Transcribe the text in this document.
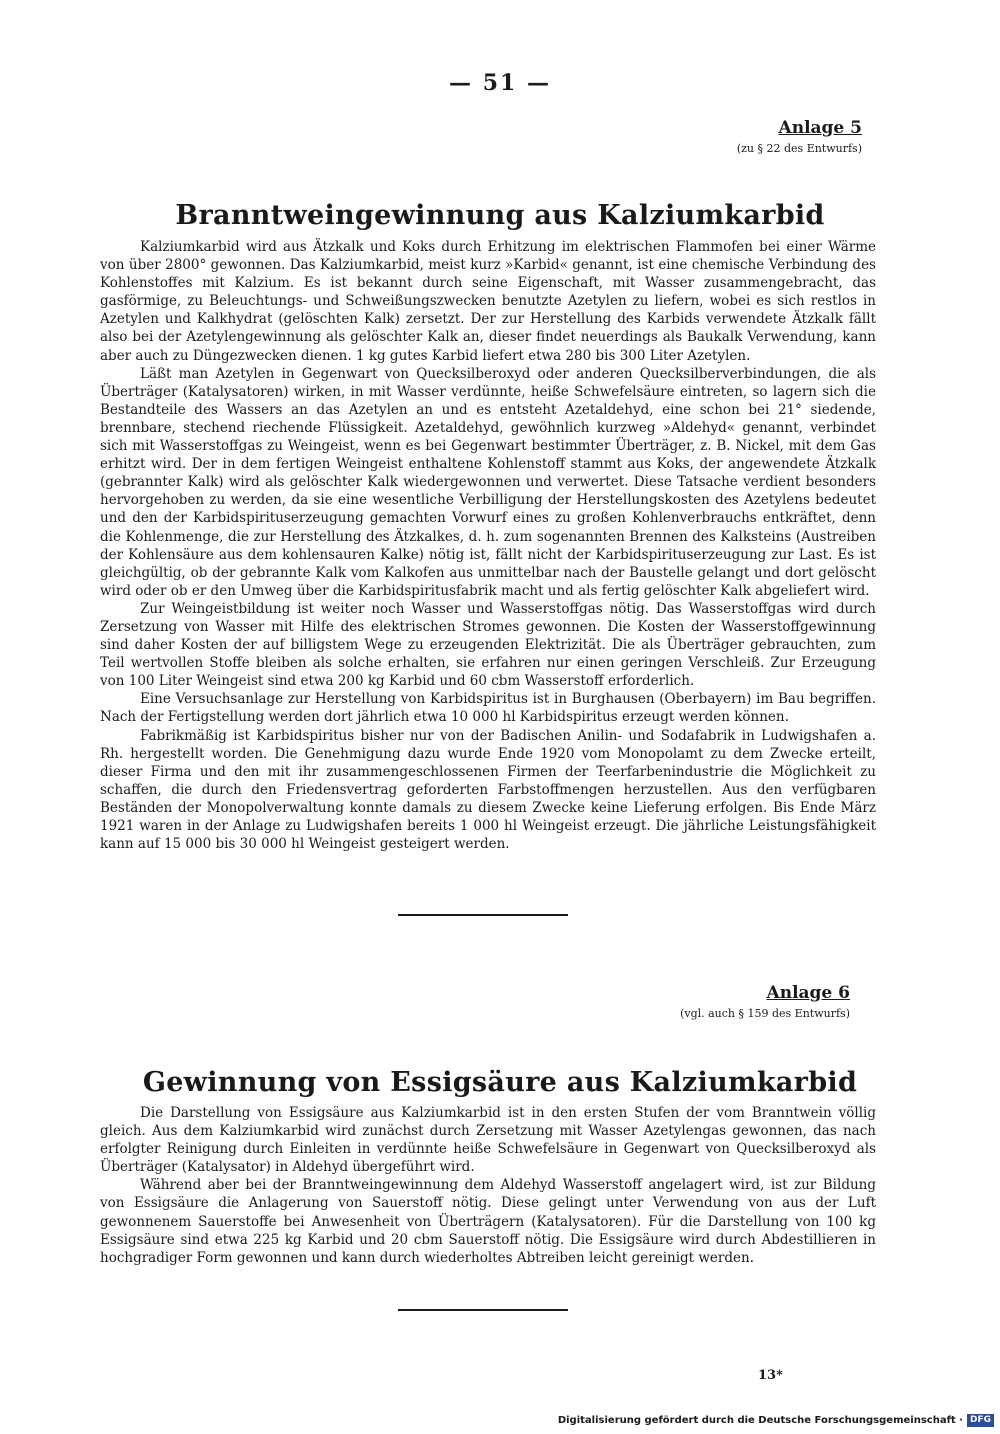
— 51 —
Anlage 5
(zu § 22 des Entwurfs)
Branntweingewinnung aus Kalziumkarbid

Kalziumkarbid wird aus Ätzkalk und Koks durch Erhitzung im elektrischen Flammofen bei einer Wärme von über 2800° gewonnen. Das Kalziumkarbid, meist kurz »Karbid« genannt, ist eine chemische Verbindung des Kohlenstoffes mit Kalzium. Es ist bekannt durch seine Eigenschaft, mit Wasser zusammengebracht, das gasförmige, zu Beleuchtungs- und Schweißungszwecken benutzte Azetylen zu liefern, wobei es sich restlos in Azetylen und Kalkhydrat (gelöschten Kalk) zersetzt. Der zur Herstellung des Karbids verwendete Ätzkalk fällt also bei der Azetylengewinnung als gelöschter Kalk an, dieser findet neuerdings als Baukalk Verwendung, kann aber auch zu Düngezwecken dienen. 1 kg gutes Karbid liefert etwa 280 bis 300 Liter Azetylen.

Läßt man Azetylen in Gegenwart von Quecksilberoxyd oder anderen Quecksilberverbindungen, die als Überträger (Katalysatoren) wirken, in mit Wasser verdünnte, heiße Schwefelsäure eintreten, so lagern sich die Bestandteile des Wassers an das Azetylen an und es entsteht Azetaldehyd, eine schon bei 21° siedende, brennbare, stechend riechende Flüssigkeit. Azetaldehyd, gewöhnlich kurzweg »Aldehyd« genannt, verbindet sich mit Wasserstoffgas zu Weingeist, wenn es bei Gegenwart bestimmter Überträger, z. B. Nickel, mit dem Gas erhitzt wird. Der in dem fertigen Weingeist enthaltene Kohlenstoff stammt aus Koks, der angewendete Ätzkalk (gebrannter Kalk) wird als gelöschter Kalk wiedergewonnen und verwertet. Diese Tatsache verdient besonders hervorgehoben zu werden, da sie eine wesentliche Verbilligung der Herstellungskosten des Azetylens bedeutet und den der Karbidspirituserzeugung gemachten Vorwurf eines zu großen Kohlenverbrauchs entkräftet, denn die Kohlenmenge, die zur Herstellung des Ätzkalkes, d. h. zum sogenannten Brennen des Kalksteins (Austreiben der Kohlensäure aus dem kohlensauren Kalke) nötig ist, fällt nicht der Karbidspirituserzeugung zur Last. Es ist gleichgültig, ob der gebrannte Kalk vom Kalkofen aus unmittelbar nach der Baustelle gelangt und dort gelöscht wird oder ob er den Umweg über die Karbidspiritusfabrik macht und als fertig gelöschter Kalk abgeliefert wird.

Zur Weingeistbildung ist weiter noch Wasser und Wasserstoffgas nötig. Das Wasserstoffgas wird durch Zersetzung von Wasser mit Hilfe des elektrischen Stromes gewonnen. Die Kosten der Wasserstoffgewinnung sind daher Kosten der auf billigstem Wege zu erzeugenden Elektrizität. Die als Überträger gebrauchten, zum Teil wertvollen Stoffe bleiben als solche erhalten, sie erfahren nur einen geringen Verschleiß. Zur Erzeugung von 100 Liter Weingeist sind etwa 200 kg Karbid und 60 cbm Wasserstoff erforderlich.

Eine Versuchsanlage zur Herstellung von Karbidspiritus ist in Burghausen (Oberbayern) im Bau begriffen. Nach der Fertigstellung werden dort jährlich etwa 10 000 hl Karbidspiritus erzeugt werden können.

Fabrikmäßig ist Karbidspiritus bisher nur von der Badischen Anilin- und Sodafabrik in Ludwigshafen a. Rh. hergestellt worden. Die Genehmigung dazu wurde Ende 1920 vom Monopolamt zu dem Zwecke erteilt, dieser Firma und den mit ihr zusammengeschlossenen Firmen der Teerfarbenindustrie die Möglichkeit zu schaffen, die durch den Friedensvertrag geforderten Farbstoffmengen herzustellen. Aus den verfügbaren Beständen der Monopolverwaltung konnte damals zu diesem Zwecke keine Lieferung erfolgen. Bis Ende März 1921 waren in der Anlage zu Ludwigshafen bereits 1 000 hl Weingeist erzeugt. Die jährliche Leistungsfähigkeit kann auf 15 000 bis 30 000 hl Weingeist gesteigert werden.

Anlage 6
(vgl. auch § 159 des Entwurfs)
Gewinnung von Essigsäure aus Kalziumkarbid

Die Darstellung von Essigsäure aus Kalziumkarbid ist in den ersten Stufen der vom Branntwein völlig gleich. Aus dem Kalziumkarbid wird zunächst durch Zersetzung mit Wasser Azetylengas gewonnen, das nach erfolgter Reinigung durch Einleiten in verdünnte heiße Schwefelsäure in Gegenwart von Quecksilberoxyd als Überträger (Katalysator) in Aldehyd übergeführt wird.

Während aber bei der Branntweingewinnung dem Aldehyd Wasserstoff angelagert wird, ist zur Bildung von Essigsäure die Anlagerung von Sauerstoff nötig. Diese gelingt unter Verwendung von aus der Luft gewonnenem Sauerstoffe bei Anwesenheit von Überträgern (Katalysatoren). Für die Darstellung von 100 kg Essigsäure sind etwa 225 kg Karbid und 20 cbm Sauerstoff nötig. Die Essigsäure wird durch Abdestillieren in hochgradiger Form gewonnen und kann durch wiederholtes Abtreiben leicht gereinigt werden.

13*
Digitalisierung gefördert durch die Deutsche Forschungsgemeinschaft · DFG
